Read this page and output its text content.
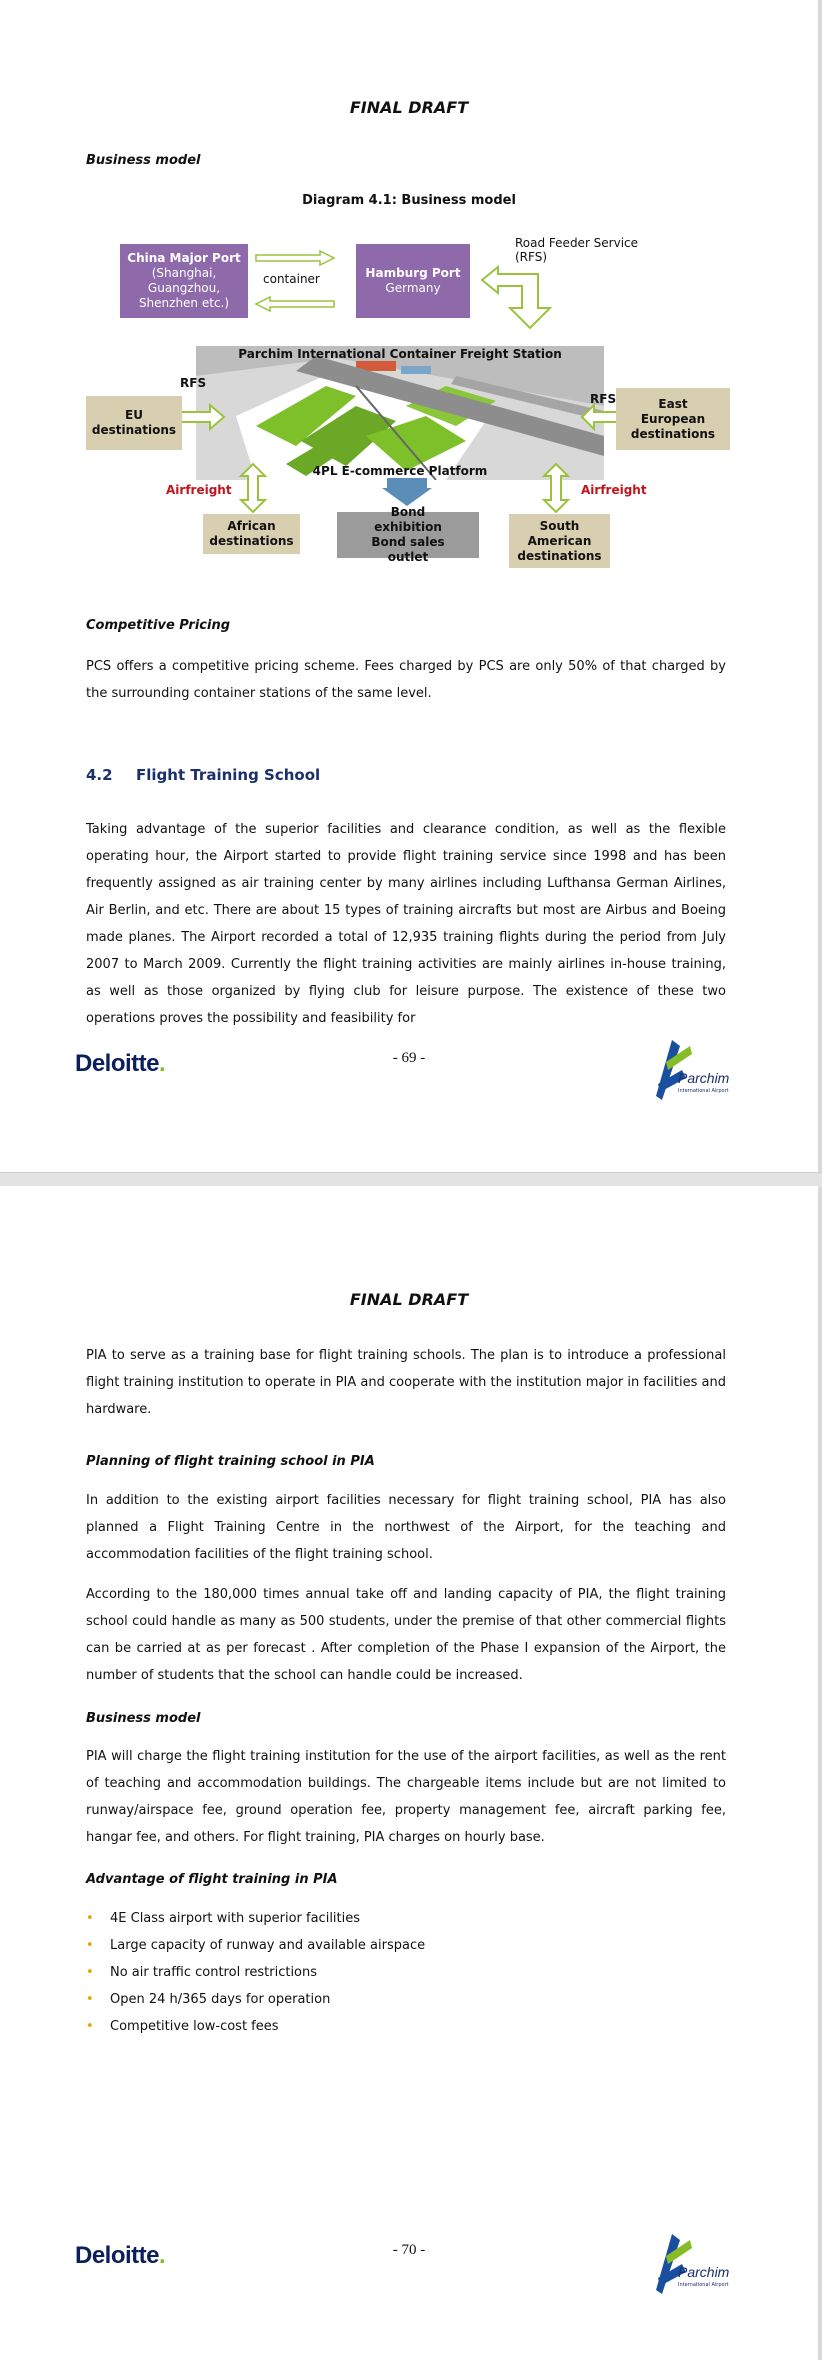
FINAL DRAFT
Business model
Diagram 4.1: Business model
China Major Port
(Shanghai, Guangzhou, Shenzhen etc.)
container	Hamburg Port
Germany
Road Feeder Service (RFS)
Parchim International Container Freight Station
4PL E-commerce Platform
RFS
EU destinations
RFS	East European destinations
Airfreight	Airfreight
African destinations
Bond exhibition Bond sales outlet
South American destinations
Competitive Pricing
PCS offers a competitive pricing scheme. Fees charged by PCS are only 50% of that charged by the surrounding container stations of the same level.
4.2 Flight Training School
Taking advantage of the superior facilities and clearance condition, as well as the flexible operating hour, the Airport started to provide flight training service since 1998 and has been frequently assigned as air training center by many airlines including Lufthansa German Airlines, Air Berlin, and etc. There are about 15 types of training aircrafts but most are Airbus and Boeing made planes. The Airport recorded a total of 12,935 training flights during the period from July 2007 to March 2009. Currently the flight training activities are mainly airlines in-house training, as well as those organized by flying club for leisure purpose. The existence of these two operations proves the possibility and feasibility for
Deloitte.	- 69 -
Parchim
International Airport
FINAL DRAFT
PIA to serve as a training base for flight training schools. The plan is to introduce a professional flight training institution to operate in PIA and cooperate with the institution major in facilities and hardware.
Planning of flight training school in PIA
In addition to the existing airport facilities necessary for flight training school, PIA has also planned a Flight Training Centre in the northwest of the Airport, for the teaching and accommodation facilities of the flight training school.
According to the 180,000 times annual take off and landing capacity of PIA, the flight training school could handle as many as 500 students, under the premise of that other commercial flights can be carried at as per forecast . After completion of the Phase I expansion of the Airport, the number of students that the school can handle could be increased.
Business model
PIA will charge the flight training institution for the use of the airport facilities, as well as the rent of teaching and accommodation buildings. The chargeable items include but are not limited to runway/airspace fee, ground operation fee, property management fee, aircraft parking fee, hangar fee, and others. For flight training, PIA charges on hourly base.
Advantage of flight training in PIA
• 4E Class airport with superior facilities
• Large capacity of runway and available airspace
• No air traffic control restrictions
• Open 24 h/365 days for operation
• Competitive low-cost fees
Deloitte.	- 70 -
Parchim
International Airport
